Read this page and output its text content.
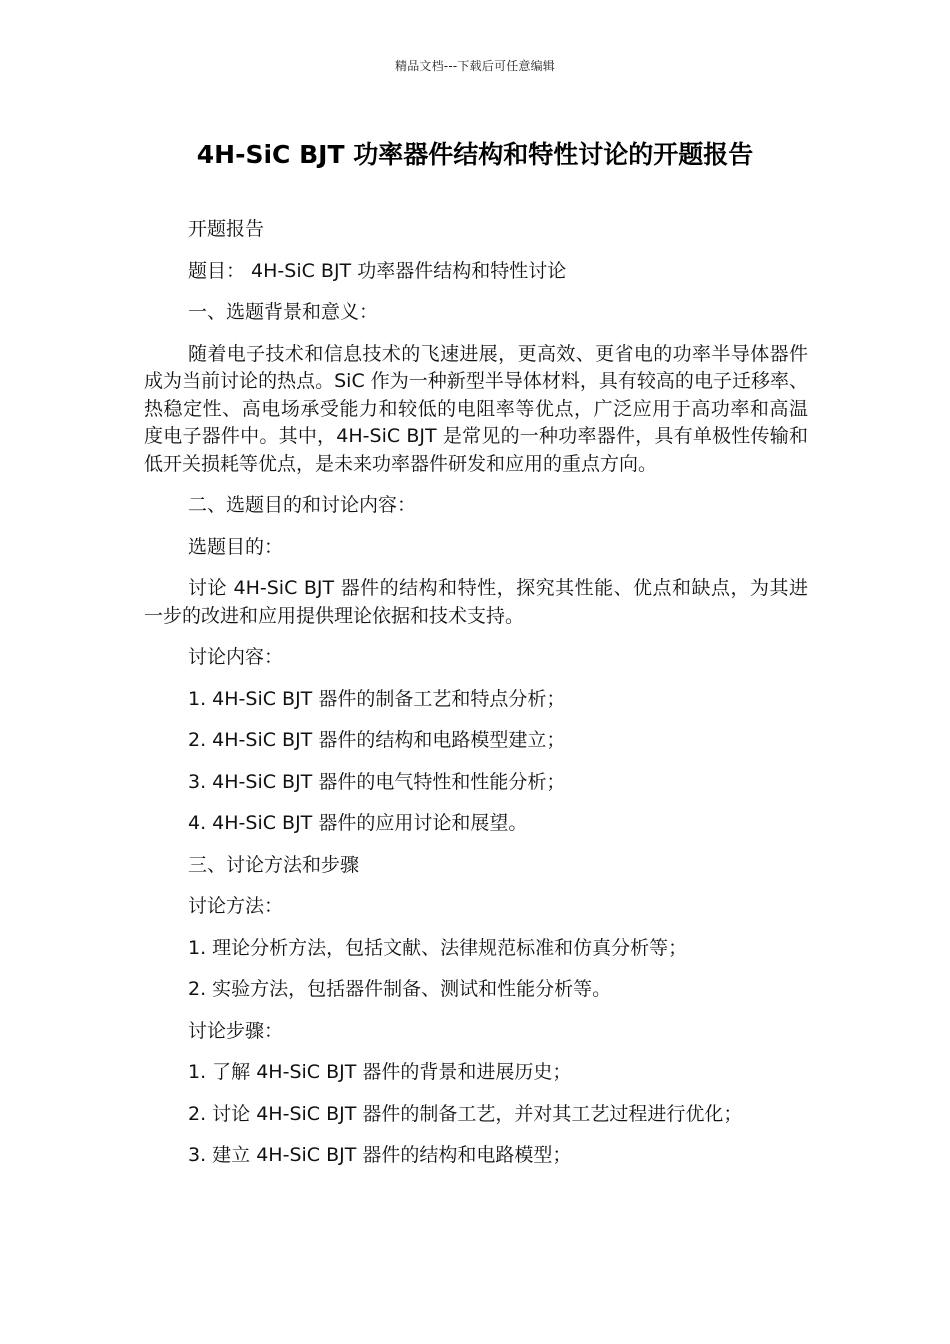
精品文档---下载后可任意编辑
4H-SiC BJT 功率器件结构和特性讨论的开题报告

开题报告

题目： 4H-SiC BJT 功率器件结构和特性讨论

一、选题背景和意义：

随着电子技术和信息技术的飞速进展，更高效、更省电的功率半导体器件成为当前讨论的热点。SiC 作为一种新型半导体材料，具有较高的电子迁移率、热稳定性、高电场承受能力和较低的电阻率等优点，广泛应用于高功率和高温度电子器件中。其中，4H-SiC BJT 是常见的一种功率器件，具有单极性传输和低开关损耗等优点，是未来功率器件研发和应用的重点方向。

二、选题目的和讨论内容：

选题目的：

讨论 4H-SiC BJT 器件的结构和特性，探究其性能、优点和缺点，为其进一步的改进和应用提供理论依据和技术支持。

讨论内容：

1. 4H-SiC BJT 器件的制备工艺和特点分析；

2. 4H-SiC BJT 器件的结构和电路模型建立；

3. 4H-SiC BJT 器件的电气特性和性能分析；

4. 4H-SiC BJT 器件的应用讨论和展望。

三、讨论方法和步骤

讨论方法：

1. 理论分析方法，包括文献、法律规范标准和仿真分析等；

2. 实验方法，包括器件制备、测试和性能分析等。

讨论步骤：

1. 了解 4H-SiC BJT 器件的背景和进展历史；

2. 讨论 4H-SiC BJT 器件的制备工艺，并对其工艺过程进行优化；

3. 建立 4H-SiC BJT 器件的结构和电路模型；
